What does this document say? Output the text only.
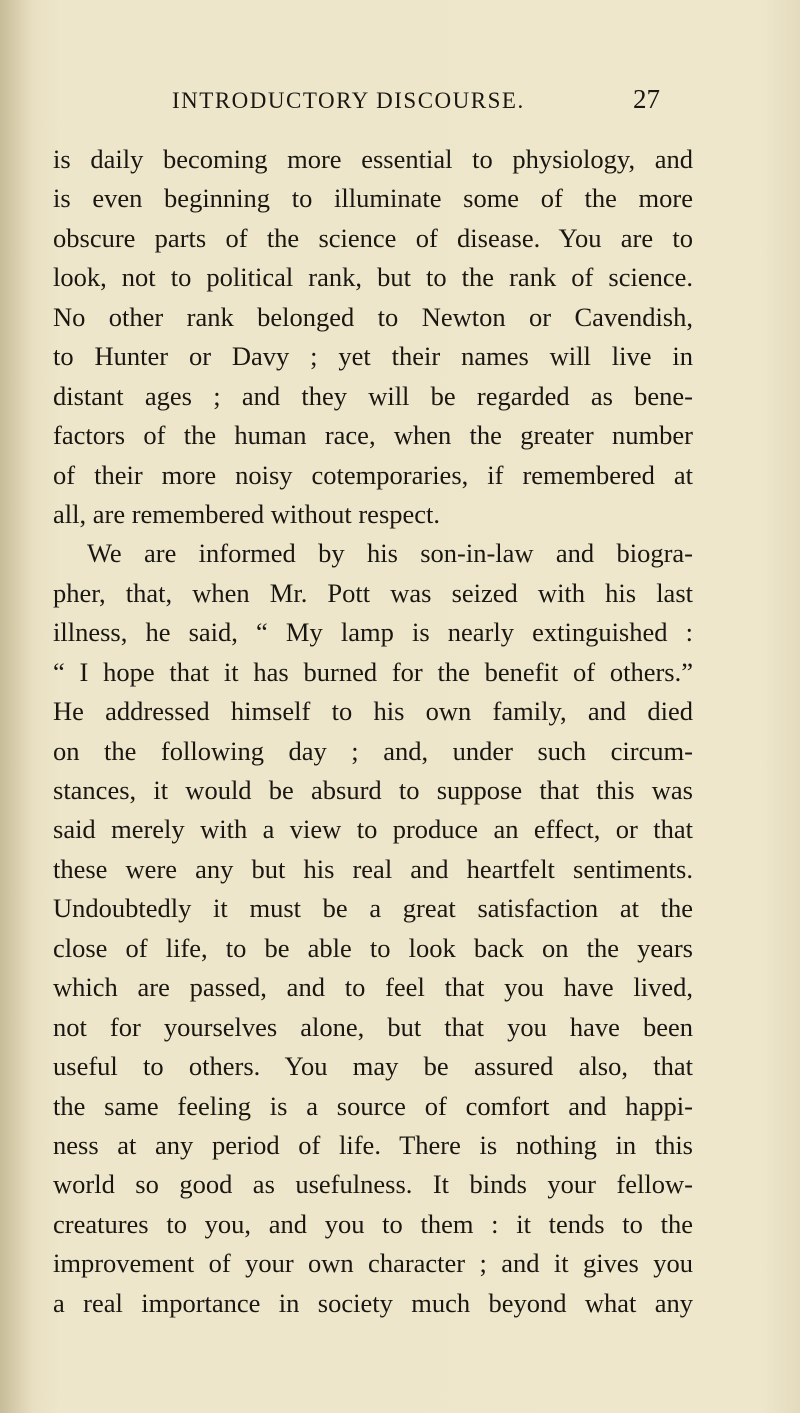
INTRODUCTORY DISCOURSE.	27
is daily becoming more essential to physiology, and
is even beginning to illuminate some of the more
obscure parts of the science of disease. You are to
look, not to political rank, but to the rank of science.
No other rank belonged to Newton or Cavendish,
to Hunter or Davy ; yet their names will live in
distant ages ; and they will be regarded as bene-
factors of the human race, when the greater number
of their more noisy cotemporaries, if remembered at
all, are remembered without respect.
We are informed by his son-in-law and biogra-
pher, that, when Mr. Pott was seized with his last
illness, he said, “ My lamp is nearly extinguished :
“ I hope that it has burned for the benefit of others.”
He addressed himself to his own family, and died
on the following day ; and, under such circum-
stances, it would be absurd to suppose that this was
said merely with a view to produce an effect, or that
these were any but his real and heartfelt sentiments.
Undoubtedly it must be a great satisfaction at the
close of life, to be able to look back on the years
which are passed, and to feel that you have lived,
not for yourselves alone, but that you have been
useful to others. You may be assured also, that
the same feeling is a source of comfort and happi-
ness at any period of life. There is nothing in this
world so good as usefulness. It binds your fellow-
creatures to you, and you to them : it tends to the
improvement of your own character ; and it gives you
a real importance in society much beyond what any
